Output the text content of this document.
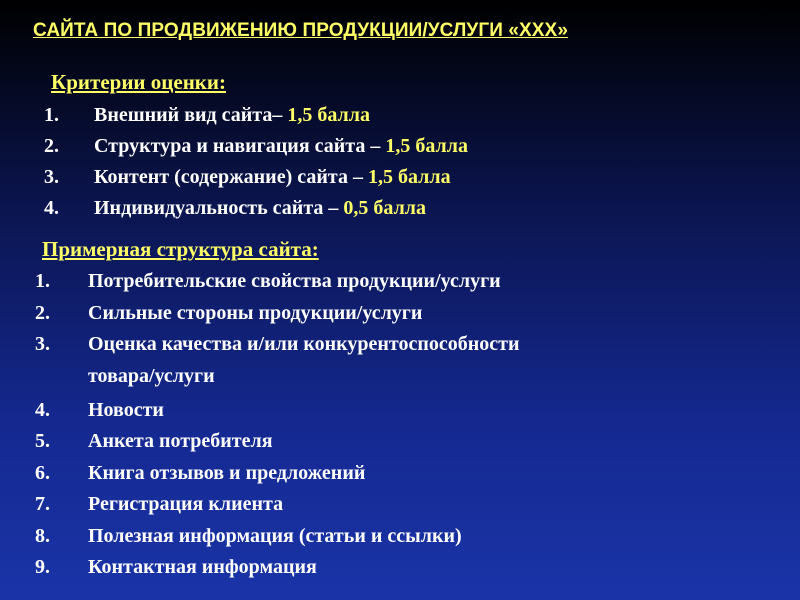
САЙТА ПО ПРОДВИЖЕНИЮ ПРОДУКЦИИ/УСЛУГИ «ХХХ»
Критерии оценки:
1. Внешний вид сайта– 1,5 балла
2. Структура и навигация сайта – 1,5 балла
3. Контент (содержание) сайта – 1,5 балла
4. Индивидуальность сайта – 0,5 балла
Примерная структура сайта:
1. Потребительские свойства продукции/услуги
2. Сильные стороны продукции/услуги
3. Оценка качества и/или конкурентоспособности
товара/услуги
4. Новости
5. Анкета потребителя
6. Книга отзывов и предложений
7. Регистрация клиента
8. Полезная информация (статьи и ссылки)
9. Контактная информация
